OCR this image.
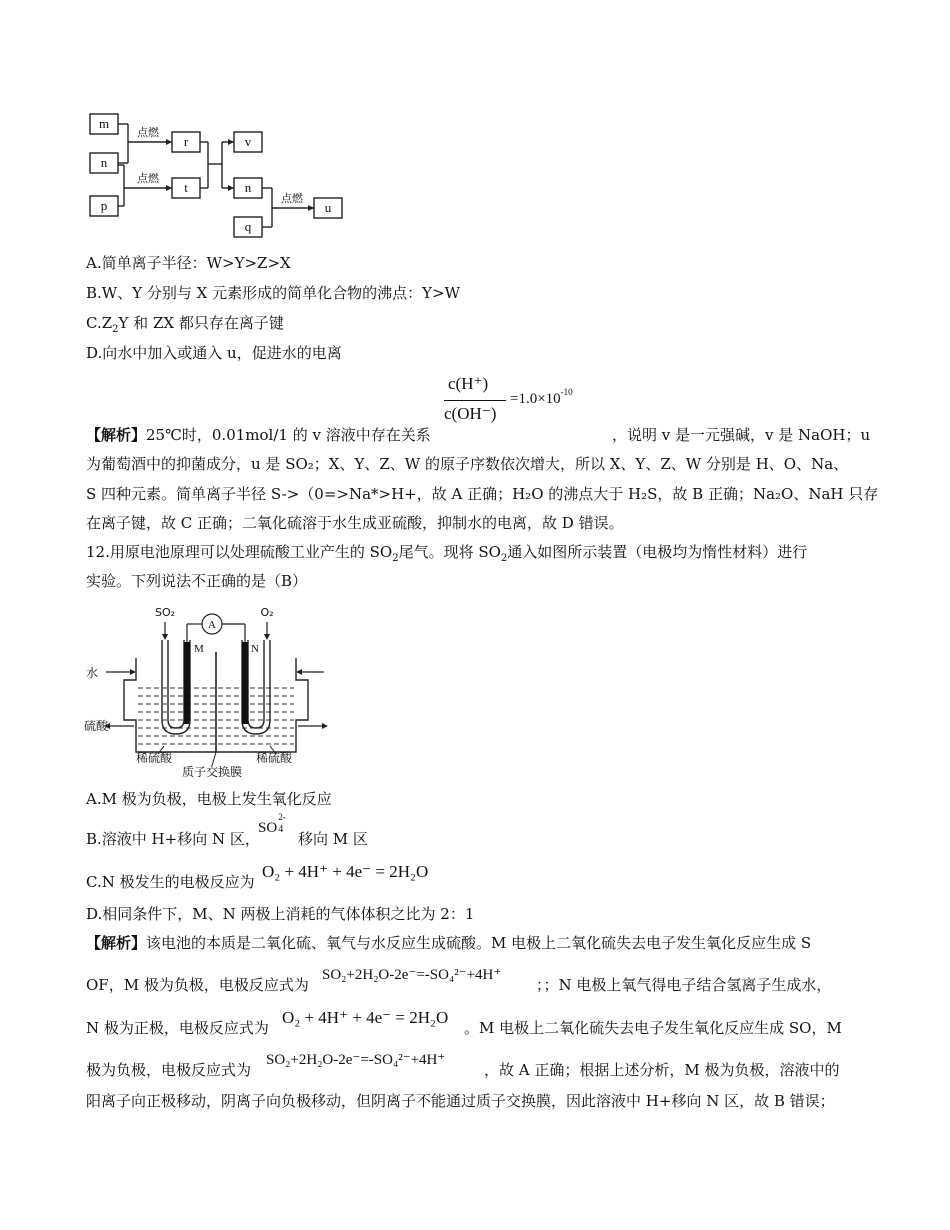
m
n
p
r
t
v
n
q
u
点燃
点燃
点燃
A.简单离子半径：W>Y>Z>X
B.W、Y 分别与 X 元素形成的简单化合物的沸点：Y>W
$C.Z_2Y$ 和 ZX 都只存在离子键
D.向水中加入或通入 u，促进水的电离
c(H⁺)
c(OH⁻)
$=1.0\times 10^{-10}$
【解析】25℃时，0.01mol/1 的 v 溶液中存在关系	，说明 v 是一元强碱，v 是 NaOH；u
为葡萄酒中的抑菌成分，u 是 SO₂；X、Y、Z、W 的原子序数依次增大，所以 X、Y、Z、W 分别是 H、O、Na、
S 四种元素。简单离子半径 S->（0=>Na*>H+，故 A 正确；H₂O 的沸点大于 H₂S，故 B 正确；Na₂O、NaH 只存
在离子键，故 C 正确；二氧化硫溶于水生成亚硫酸，抑制水的电离，故 D 错误。
12.用原电池原理可以处理硫酸工业产生的 $SO_2$尾气。现将 $SO_2$通入如图所示装置（电极均为惰性材料）进行
实验。下列说法不正确的是（B）
SO₂	O₂
A
M	N
水
硫酸
稀硫酸	稀硫酸
质子交换膜
A.M 极为负极，电极上发生氧化反应
B.溶液中 H+移向 N 区，
SO
2-
4
移向 M 区
C.N 极发生的电极反应为
O₂ + 4H⁺ + 4e⁻ = 2H₂O
D.相同条件下，M、N 两极上消耗的气体体积之比为 2：1
【解析】该电池的本质是二氧化硫、氧气与水反应生成硫酸。M 电极上二氧化硫失去电子发生氧化反应生成 S
OF，M 极为负极，电极反应式为
SO₂+2H₂O-2e⁻=-SO₄²⁻+4H⁺
；；N 电极上氧气得电子结合氢离子生成水，
N 极为正极，电极反应式为
O₂ + 4H⁺ + 4e⁻ = 2H₂O
。M 电极上二氧化硫失去电子发生氧化反应生成 SO，M
极为负极，电极反应式为
SO₂+2H₂O-2e⁻=-SO₄²⁻+4H⁺
，故 A 正确；根据上述分析，M 极为负极，溶液中的
阳离子向正极移动，阴离子向负极移动，但阴离子不能通过质子交换膜，因此溶液中 H+移向 N 区，故 B 错误；
